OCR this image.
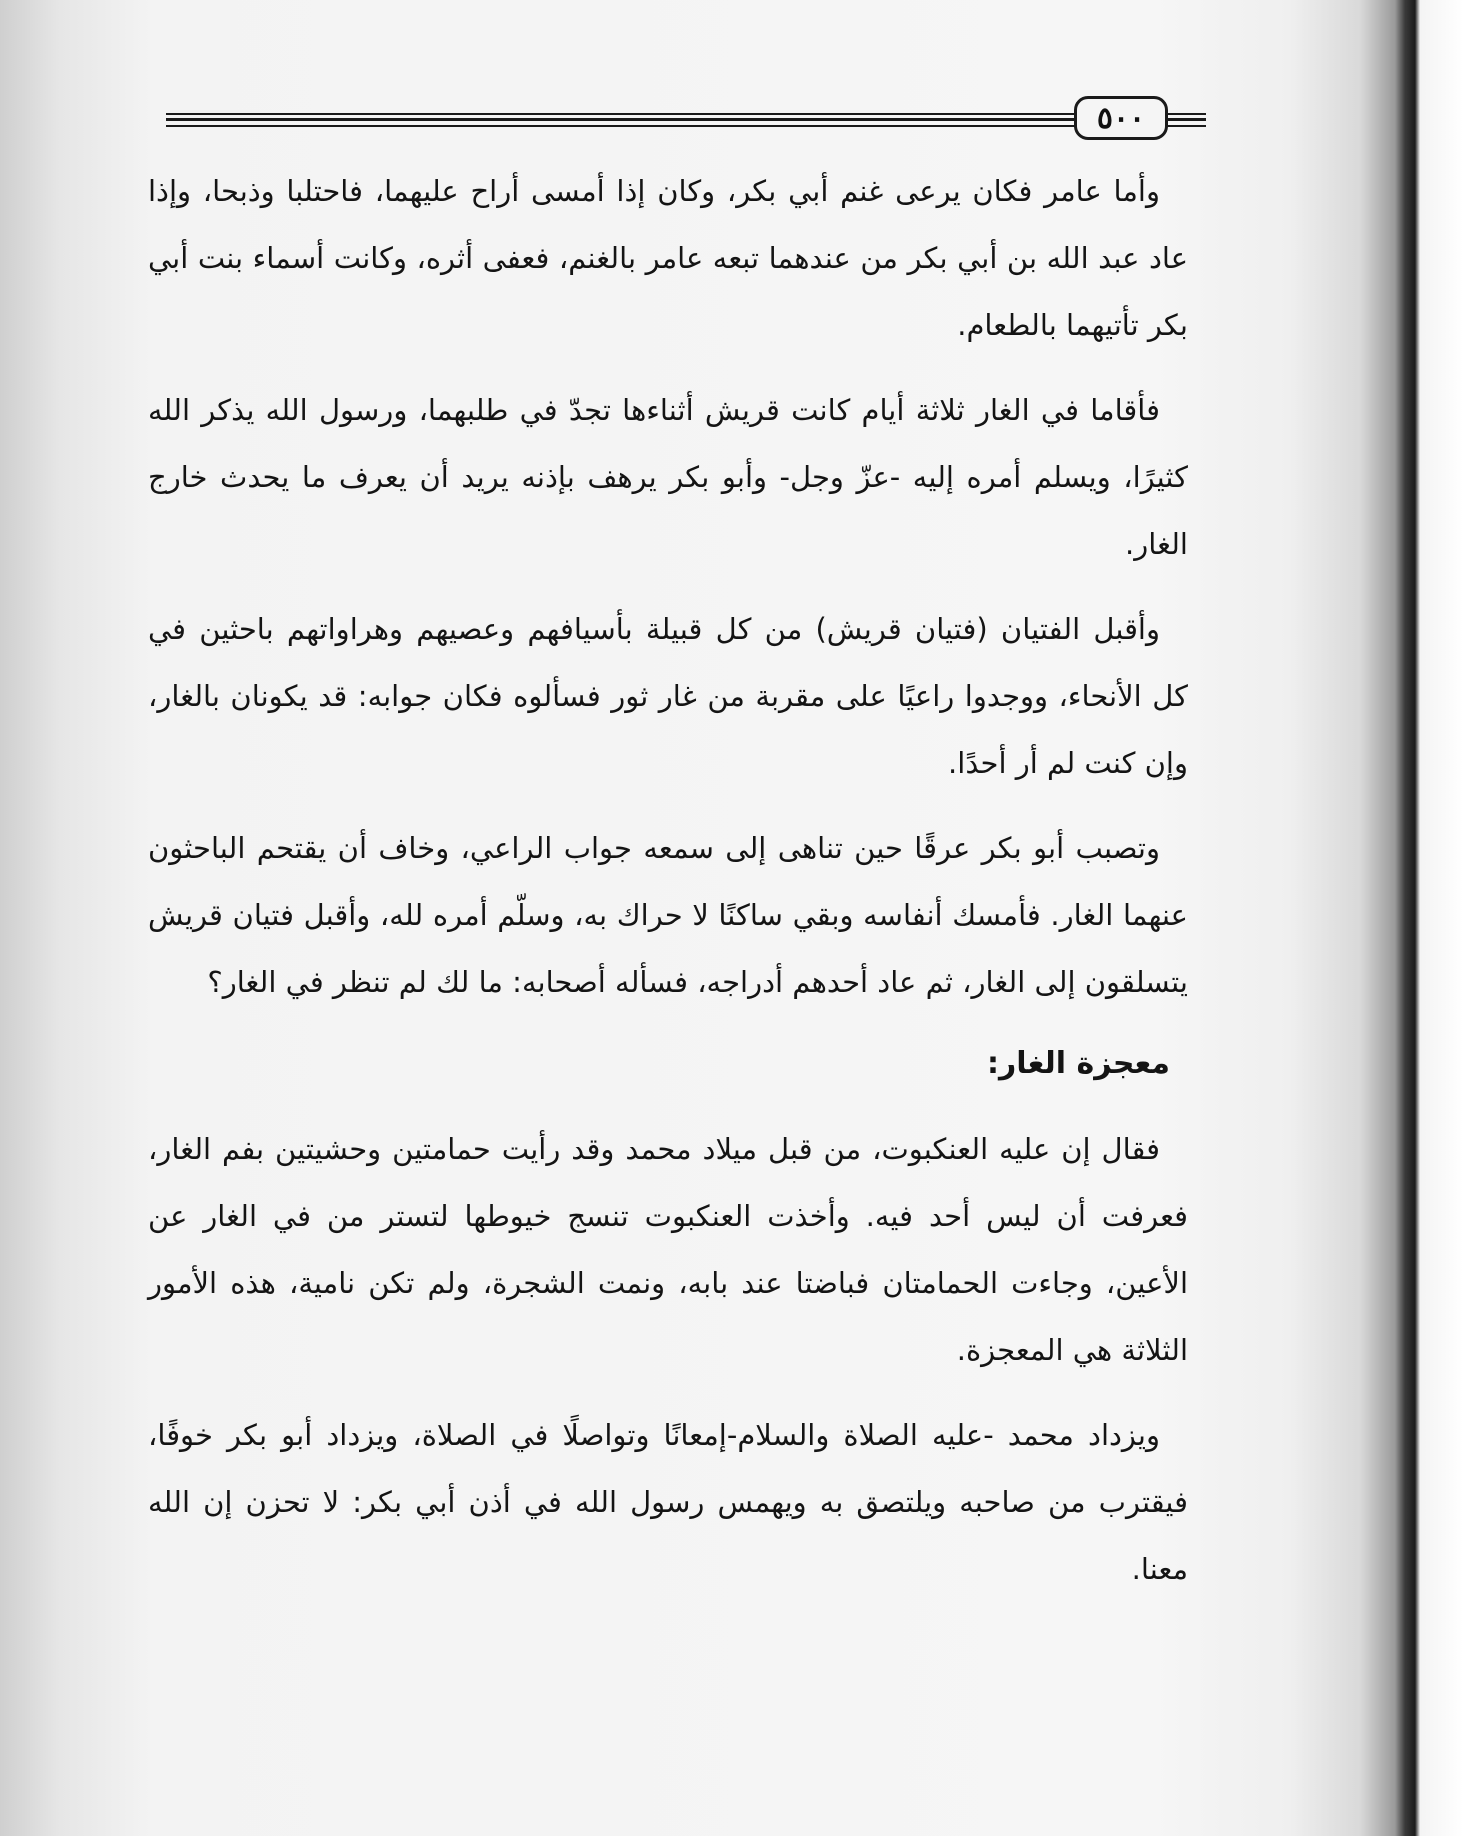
٥٠٠

وأما عامر فكان يرعى غنم أبي بكر، وكان إذا أمسى أراح عليهما، فاحتلبا وذبحا، وإذا عاد عبد الله بن أبي بكر من عندهما تبعه عامر بالغنم، فعفى أثره، وكانت أسماء بنت أبي بكر تأتيهما بالطعام.

فأقاما في الغار ثلاثة أيام كانت قريش أثناءها تجدّ في طلبهما، ورسول الله يذكر الله كثيرًا، ويسلم أمره إليه -عزّ وجل- وأبو بكر يرهف بإذنه يريد أن يعرف ما يحدث خارج الغار.

وأقبل الفتيان (فتيان قريش) من كل قبيلة بأسيافهم وعصيهم وهراواتهم باحثين في كل الأنحاء، ووجدوا راعيًا على مقربة من غار ثور فسألوه فكان جوابه: قد يكونان بالغار، وإن كنت لم أر أحدًا.

وتصبب أبو بكر عرقًا حين تناهى إلى سمعه جواب الراعي، وخاف أن يقتحم الباحثون عنهما الغار. فأمسك أنفاسه وبقي ساكنًا لا حراك به، وسلّم أمره لله، وأقبل فتيان قريش يتسلقون إلى الغار، ثم عاد أحدهم أدراجه، فسأله أصحابه: ما لك لم تنظر في الغار؟

معجزة الغار:

فقال إن عليه العنكبوت، من قبل ميلاد محمد وقد رأيت حمامتين وحشيتين بفم الغار، فعرفت أن ليس أحد فيه. وأخذت العنكبوت تنسج خيوطها لتستر من في الغار عن الأعين، وجاءت الحمامتان فباضتا عند بابه، ونمت الشجرة، ولم تكن نامية، هذه الأمور الثلاثة هي المعجزة.

ويزداد محمد -عليه الصلاة والسلام-إمعانًا وتواصلًا في الصلاة، ويزداد أبو بكر خوفًا، فيقترب من صاحبه ويلتصق به ويهمس رسول الله في أذن أبي بكر: لا تحزن إن الله معنا.
